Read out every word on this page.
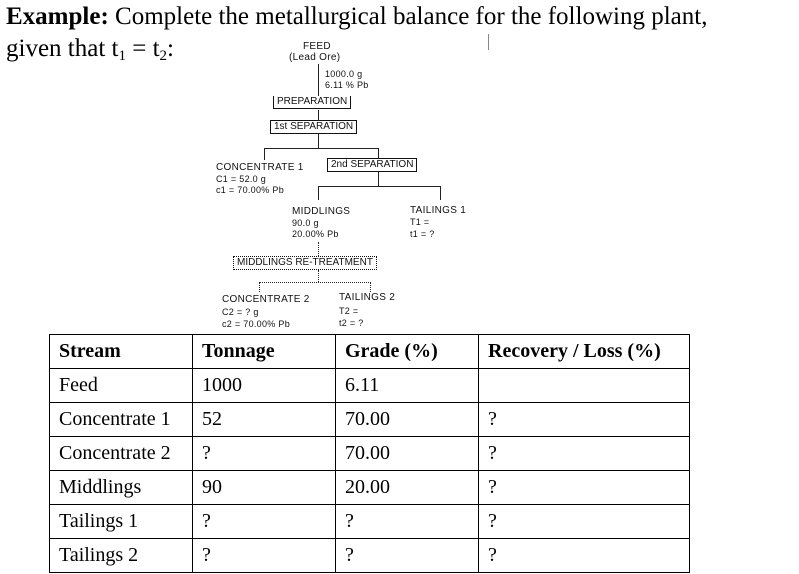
Example: Complete the metallurgical balance for the following plant,
given that $t_1 = t_2$:	FEED
(Lead Ore)
1000.0 g
6.11 % Pb
PREPARATION
1st SEPARATION
CONCENTRATE 1
C1 = 52.0 g
c1 = 70.00% Pb
2nd SEPARATION
MIDDLINGS
90.0 g
20.00% Pb
TAILINGS 1
T1 =
t1 = ?
MIDDLINGS RE-TREATMENT
CONCENTRATE 2
C2 = ? g
c2 = 70.00% Pb
TAILINGS 2
T2 =
t2 = ?
Stream	Tonnage	Grade (%)	Recovery / Loss (%)
Feed	1000	6.11	
Concentrate 1	52	70.00	?
Concentrate 2	?	70.00	?
Middlings	90	20.00	?
Tailings 1	?	?	?
Tailings 2	?	?	?
